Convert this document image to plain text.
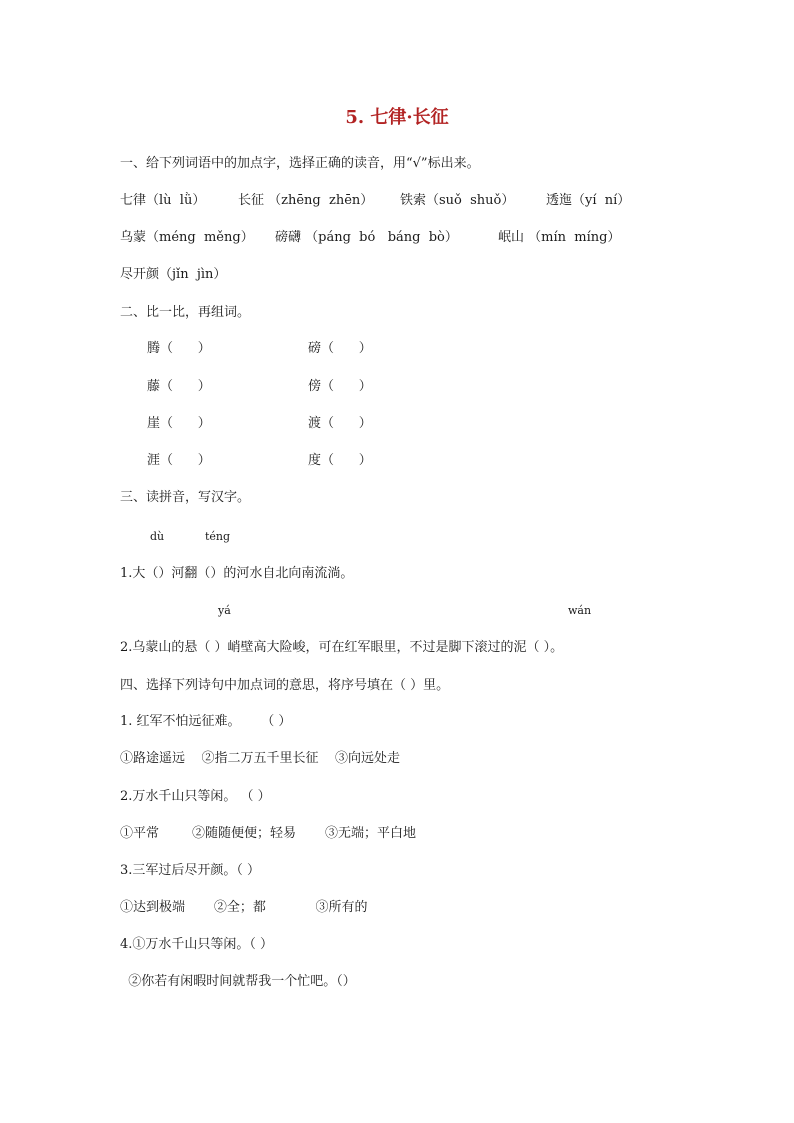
5. 七律·长征
一、给下列词语中的加点字，选择正确的读音，用“√”标出来。
七律（lù  lǜ）	长征 （zhēng  zhēn） 铁索（suǒ  shuǒ） 透迤（yí  ní）
乌蒙（méng  měng） 磅礴 （páng  bó   báng  bò）	岷山 （mín  míng）
尽开颜（jǐn  jìn）
二、比一比，再组词。
腾（      ）	磅（      ）
藤（      ）	傍（      ）
崖（      ）	渡（      ）
涯（      ）	度（      ）
三、读拼音，写汉字。
dù	téng
1.大（）河翻（）的河水自北向南流淌。
yá	wán
2.乌蒙山的悬（ ）峭壁高大险峻，可在红军眼里，不过是脚下滚过的泥（ ）。
四、选择下列诗句中加点词的意思，将序号填在（ ）里。
1. 红军不怕远征难。     （ ）
①路途遥远    ②指二万五千里长征    ③向远处走
2.万水千山只等闲。 （ ）
①平常        ②随随便便；轻易       ③无端；平白地
3.三军过后尽开颜。（ ）
①达到极端       ②全；都            ③所有的
4.①万水千山只等闲。（ ）
②你若有闲暇时间就帮我一个忙吧。（）
